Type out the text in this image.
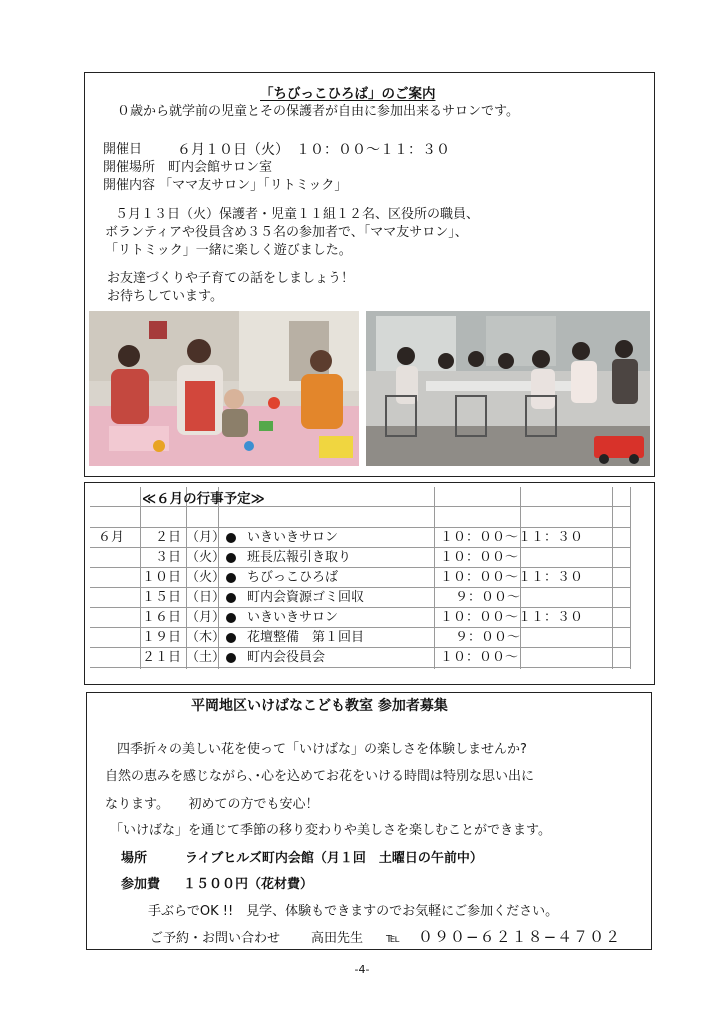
「ちびっこひろば」のご案内
０歳から就学前の児童とその保護者が自由に参加出来るサロンです。
開催日 ６月１０日（火）　１０：００～１１：３０
開催場所　町内会館サロン室
開催内容 「ママ友サロン」「リトミック」
５月１３日（火）保護者・児童１１組１２名、区役所の職員、
ボランティアや役員含め３５名の参加者で、「ママ友サロン」、
「リトミック」一緒に楽しく遊びました。
お友達づくりや子育ての話をしましょう！
お待ちしています。
≪６月の行事予定≫
６月 ２日 （月） いきいきサロン	１０：００～１１：３０
３日 （火） 班長広報引き取り	１０：００～
１０日 （火） ちびっこひろば	１０：００～１１：３０
１５日 （日） 町内会資源ゴミ回収	９：００～
１６日 （月） いきいきサロン	１０：００～１１：３０
１９日 （木） 花壇整備　第１回目	９：００～
２１日 （土） 町内会役員会	１０：００～
平岡地区いけばなこども教室 参加者募集
四季折々の美しい花を使って「いけばな」の楽しさを体験しませんか?
自然の恵みを感じながら､･心を込めてお花をいける時間は特別な思い出に
なります。　　初めての方でも安心！
「いけばな」を通じて季節の移り変わりや美しさを楽しむことができます。
場所	ライブヒルズ町内会館（月１回　土曜日の午前中）
参加費 １５００円（花材費）
手ぶらでOK !!　見学、体験もできますのでお気軽にご参加ください。
ご予約・お問い合わせ 高田先生 ℡ ０９０−６２１８−４７０２
-4-
